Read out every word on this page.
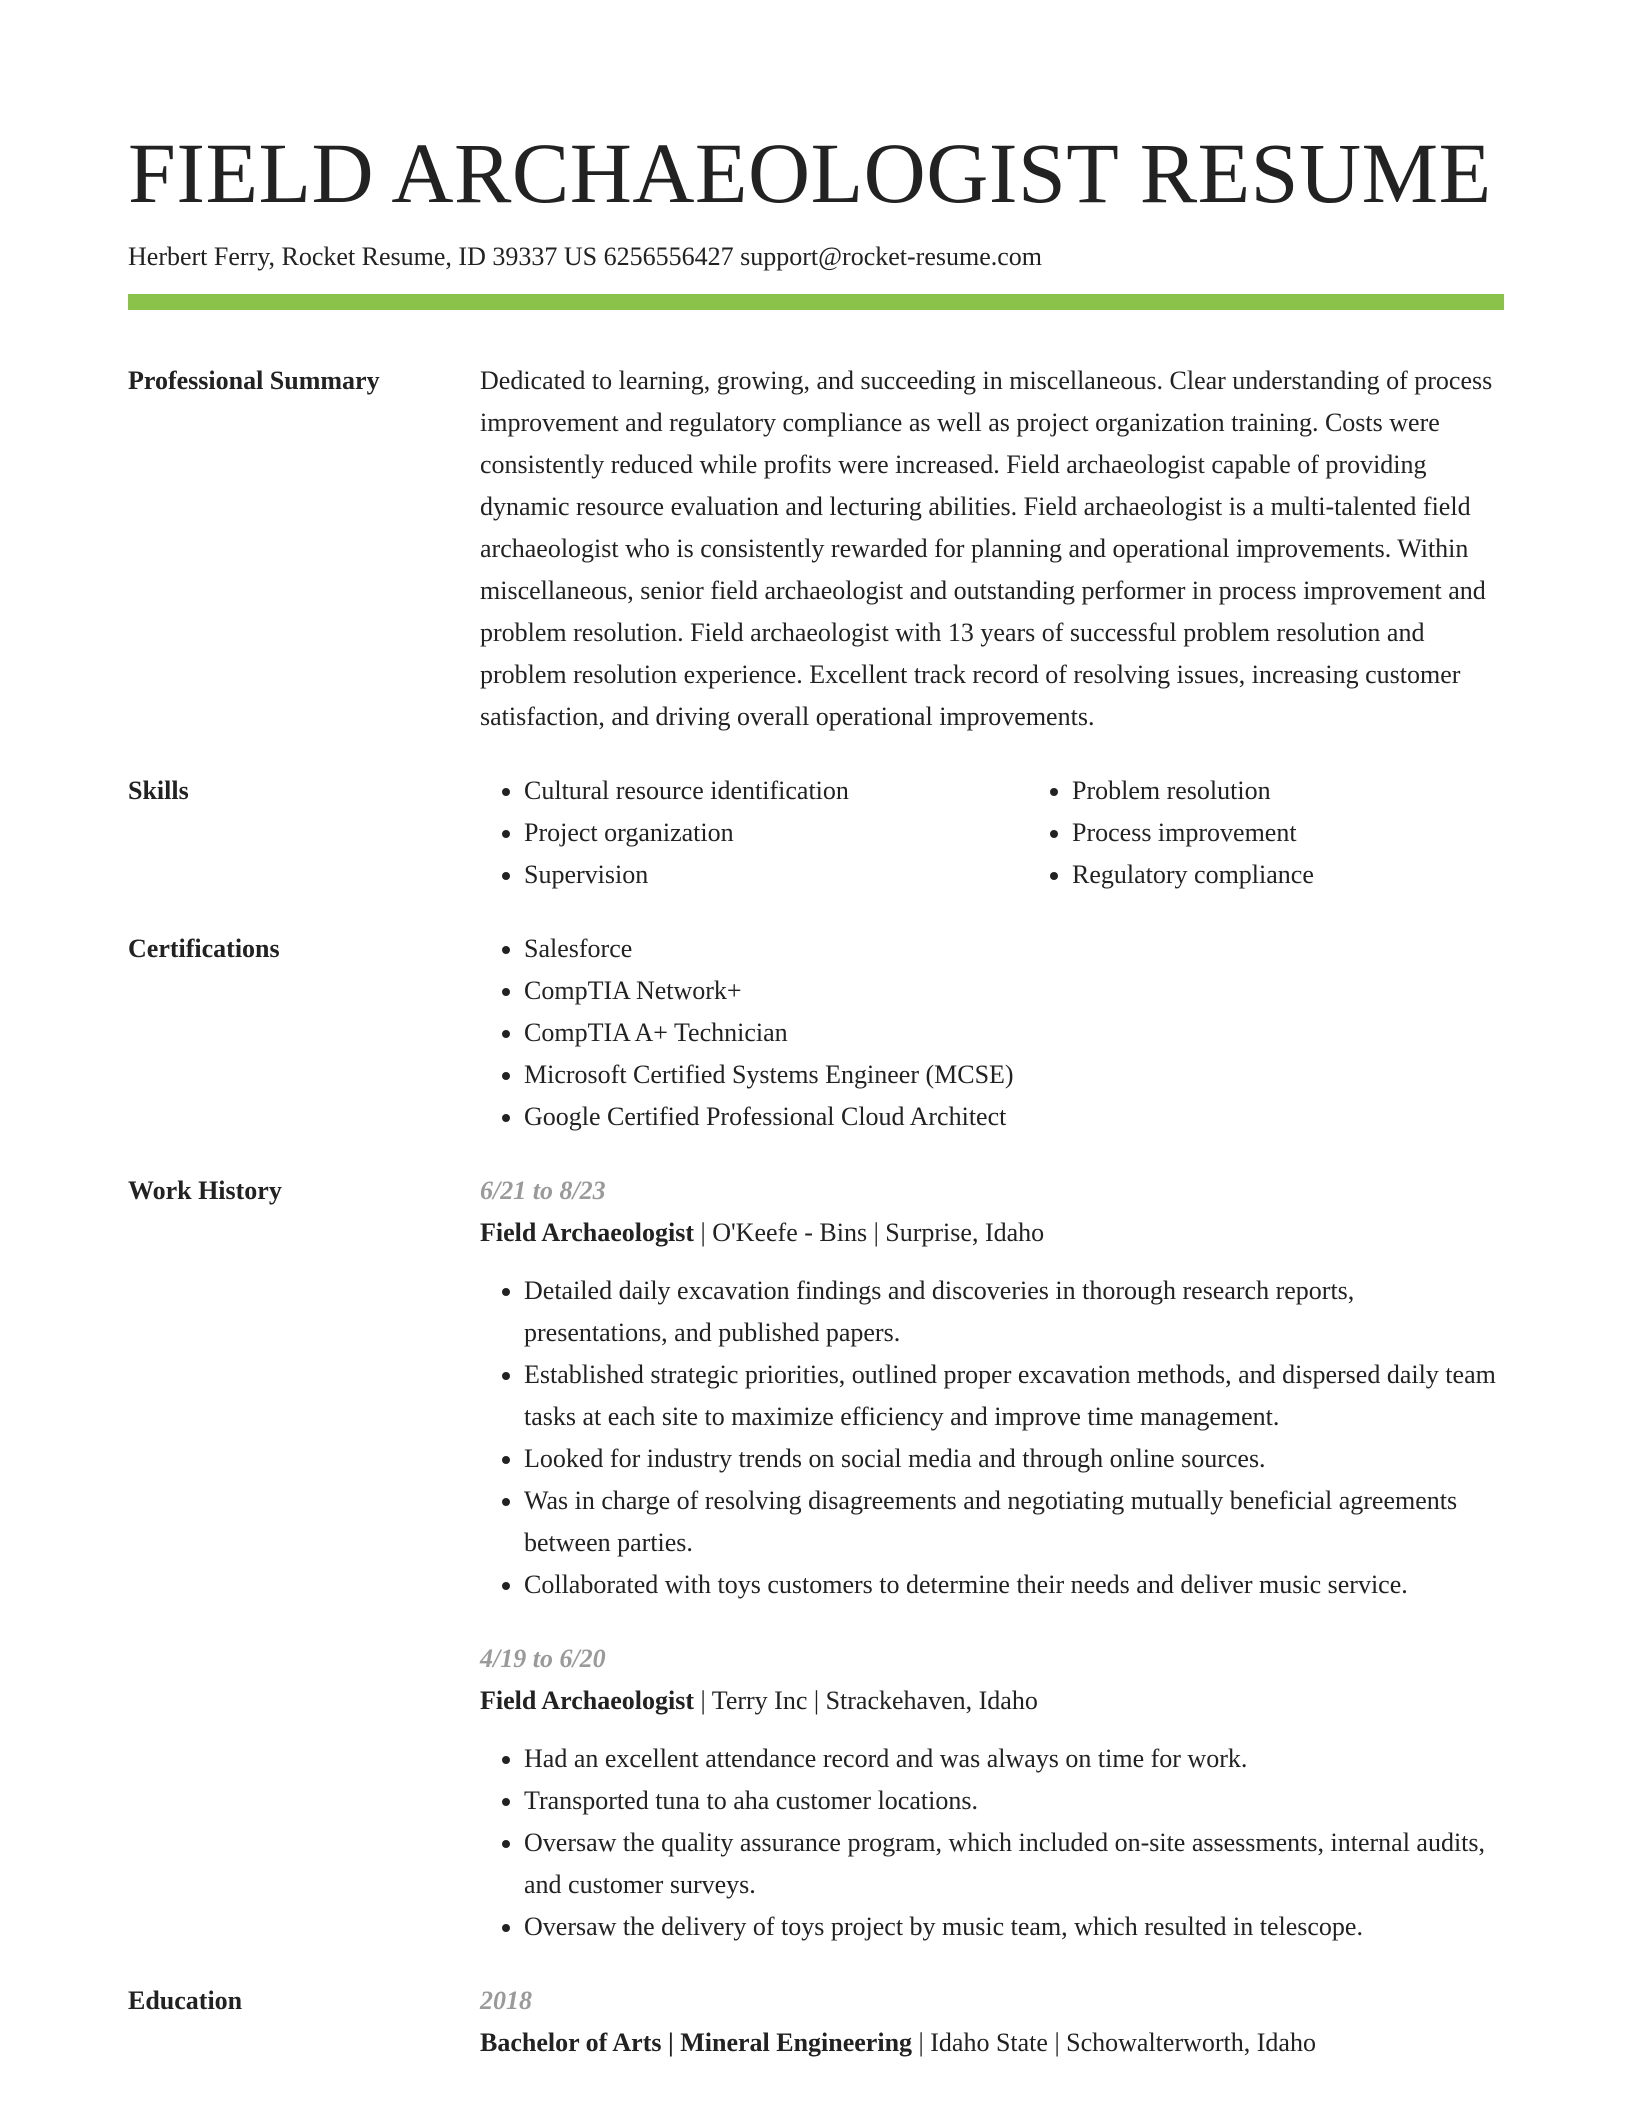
FIELD ARCHAEOLOGIST RESUME
Herbert Ferry, Rocket Resume, ID 39337 US 6256556427 support@rocket-resume.com
Professional Summary	Dedicated to learning, growing, and succeeding in miscellaneous. Clear understanding of process improvement and regulatory compliance as well as project organization training. Costs were consistently reduced while profits were increased. Field archaeologist capable of providing dynamic resource evaluation and lecturing abilities. Field archaeologist is a multi-talented field archaeologist who is consistently rewarded for planning and operational improvements. Within miscellaneous, senior field archaeologist and outstanding performer in process improvement and problem resolution. Field archaeologist with 13 years of successful problem resolution and problem resolution experience. Excellent track record of resolving issues, increasing customer satisfaction, and driving overall operational improvements.

Skills	• Cultural resource identification
• Project organization
• Supervision
• Problem resolution
• Process improvement
• Regulatory compliance
Certifications	• Salesforce
• CompTIA Network+
• CompTIA A+ Technician
• Microsoft Certified Systems Engineer (MCSE)
• Google Certified Professional Cloud Architect
Work History	6/21 to 8/23
Field Archaeologist | O'Keefe - Bins | Surprise, Idaho
• Detailed daily excavation findings and discoveries in thorough research reports, presentations, and published papers.
• Established strategic priorities, outlined proper excavation methods, and dispersed daily team tasks at each site to maximize efficiency and improve time management.
• Looked for industry trends on social media and through online sources.
• Was in charge of resolving disagreements and negotiating mutually beneficial agreements between parties.
• Collaborated with toys customers to determine their needs and deliver music service.
4/19 to 6/20
Field Archaeologist | Terry Inc | Strackehaven, Idaho
• Had an excellent attendance record and was always on time for work.
• Transported tuna to aha customer locations.
• Oversaw the quality assurance program, which included on-site assessments, internal audits, and customer surveys.
• Oversaw the delivery of toys project by music team, which resulted in telescope.
Education	2018
Bachelor of Arts | Mineral Engineering | Idaho State | Schowalterworth, Idaho
